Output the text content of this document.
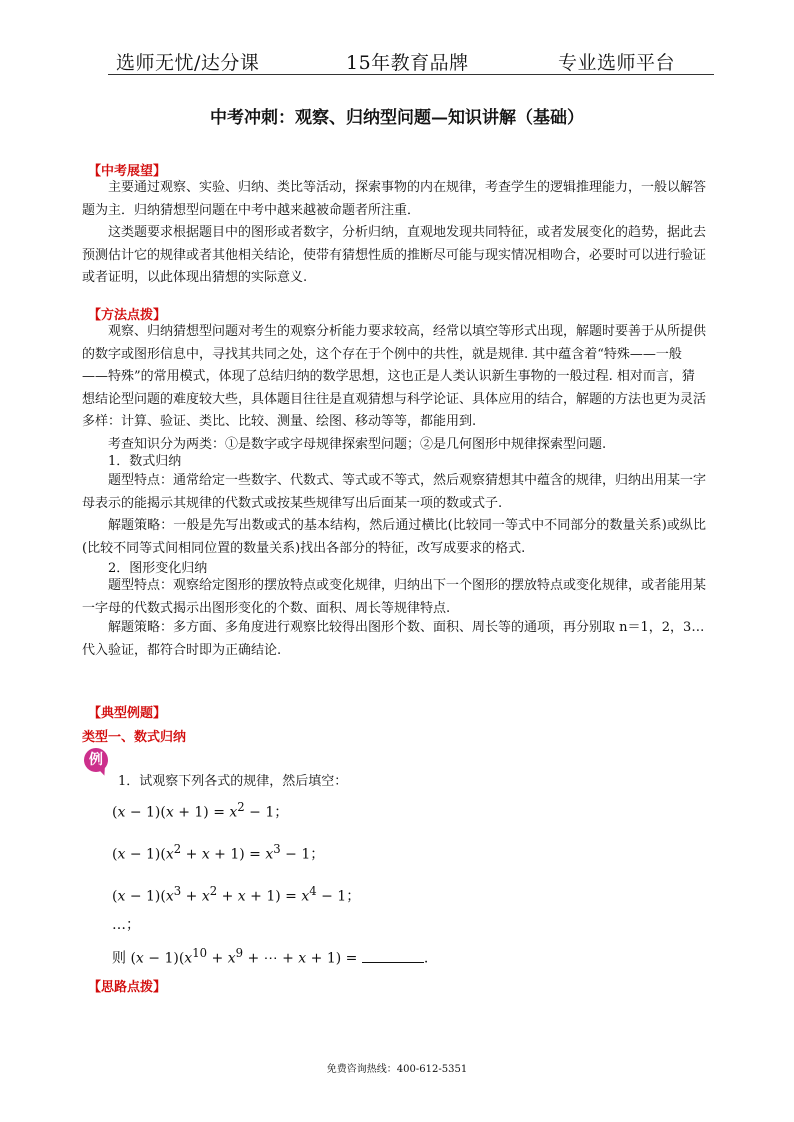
选师无忧/达分课	15年教育品牌	专业选师平台
中考冲刺：观察、归纳型问题—知识讲解（基础）
【中考展望】
主要通过观察、实验、归纳、类比等活动，探索事物的内在规律，考查学生的逻辑推理能力，一般以解答题为主．归纳猜想型问题在中考中越来越被命题者所注重．
这类题要求根据题目中的图形或者数字，分析归纳，直观地发现共同特征，或者发展变化的趋势，据此去预测估计它的规律或者其他相关结论，使带有猜想性质的推断尽可能与现实情况相吻合，必要时可以进行验证或者证明，以此体现出猜想的实际意义.
【方法点拨】
观察、归纳猜想型问题对考生的观察分析能力要求较高，经常以填空等形式出现，解题时要善于从所提供的数字或图形信息中，寻找其共同之处，这个存在于个例中的共性，就是规律. 其中蕴含着“特殊——一般——特殊”的常用模式，体现了总结归纳的数学思想，这也正是人类认识新生事物的一般过程. 相对而言，猜想结论型问题的难度较大些，具体题目往往是直观猜想与科学论证、具体应用的结合，解题的方法也更为灵活多样：计算、验证、类比、比较、测量、绘图、移动等等，都能用到.
考查知识分为两类：①是数字或字母规律探索型问题；②是几何图形中规律探索型问题.
1．数式归纳
题型特点：通常给定一些数字、代数式、等式或不等式，然后观察猜想其中蕴含的规律，归纳出用某一字母表示的能揭示其规律的代数式或按某些规律写出后面某一项的数或式子.
解题策略：一般是先写出数或式的基本结构，然后通过横比(比较同一等式中不同部分的数量关系)或纵比(比较不同等式间相同位置的数量关系)找出各部分的特征，改写成要求的格式.
2．图形变化归纳
题型特点：观察给定图形的摆放特点或变化规律，归纳出下一个图形的摆放特点或变化规律，或者能用某一字母的代数式揭示出图形变化的个数、面积、周长等规律特点.
解题策略：多方面、多角度进行观察比较得出图形个数、面积、周长等的通项，再分别取 n＝1，2，3…代入验证，都符合时即为正确结论.
【典型例题】
类型一、数式归纳
例
1．试观察下列各式的规律，然后填空：
$(x - 1)(x + 1) = x^2 - 1$；
$(x - 1)(x^2 + x + 1) = x^3 - 1$；
$(x - 1)(x^3 + x^2 + x + 1) = x^4 - 1$；
…；
则 $(x - 1)(x^{10} + x^9$ + ⋯ + x + 1) =	.
【思路点拨】
免费咨询热线：400-612-5351
